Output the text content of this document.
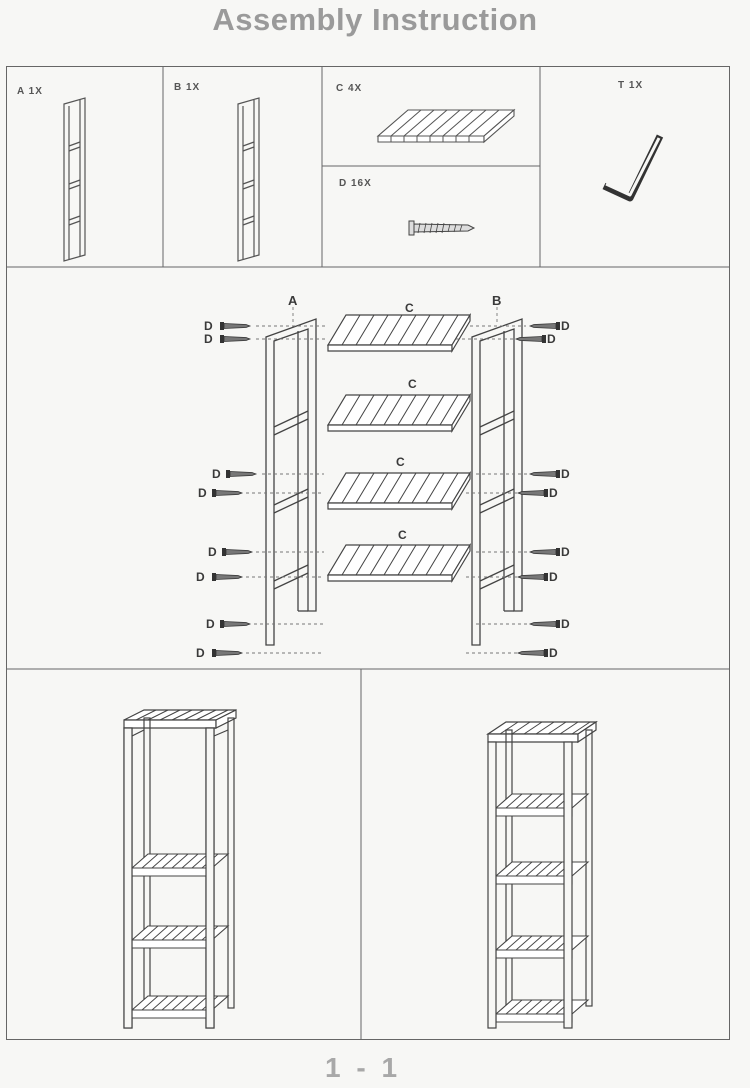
Assembly Instruction
A 1X	B 1X	C 4X
D 16X
T 1X
A	B
C
C
C
C
D
D
D
D
D
D
D
D
D
D
D
D
D
D
D
D
1 - 1
